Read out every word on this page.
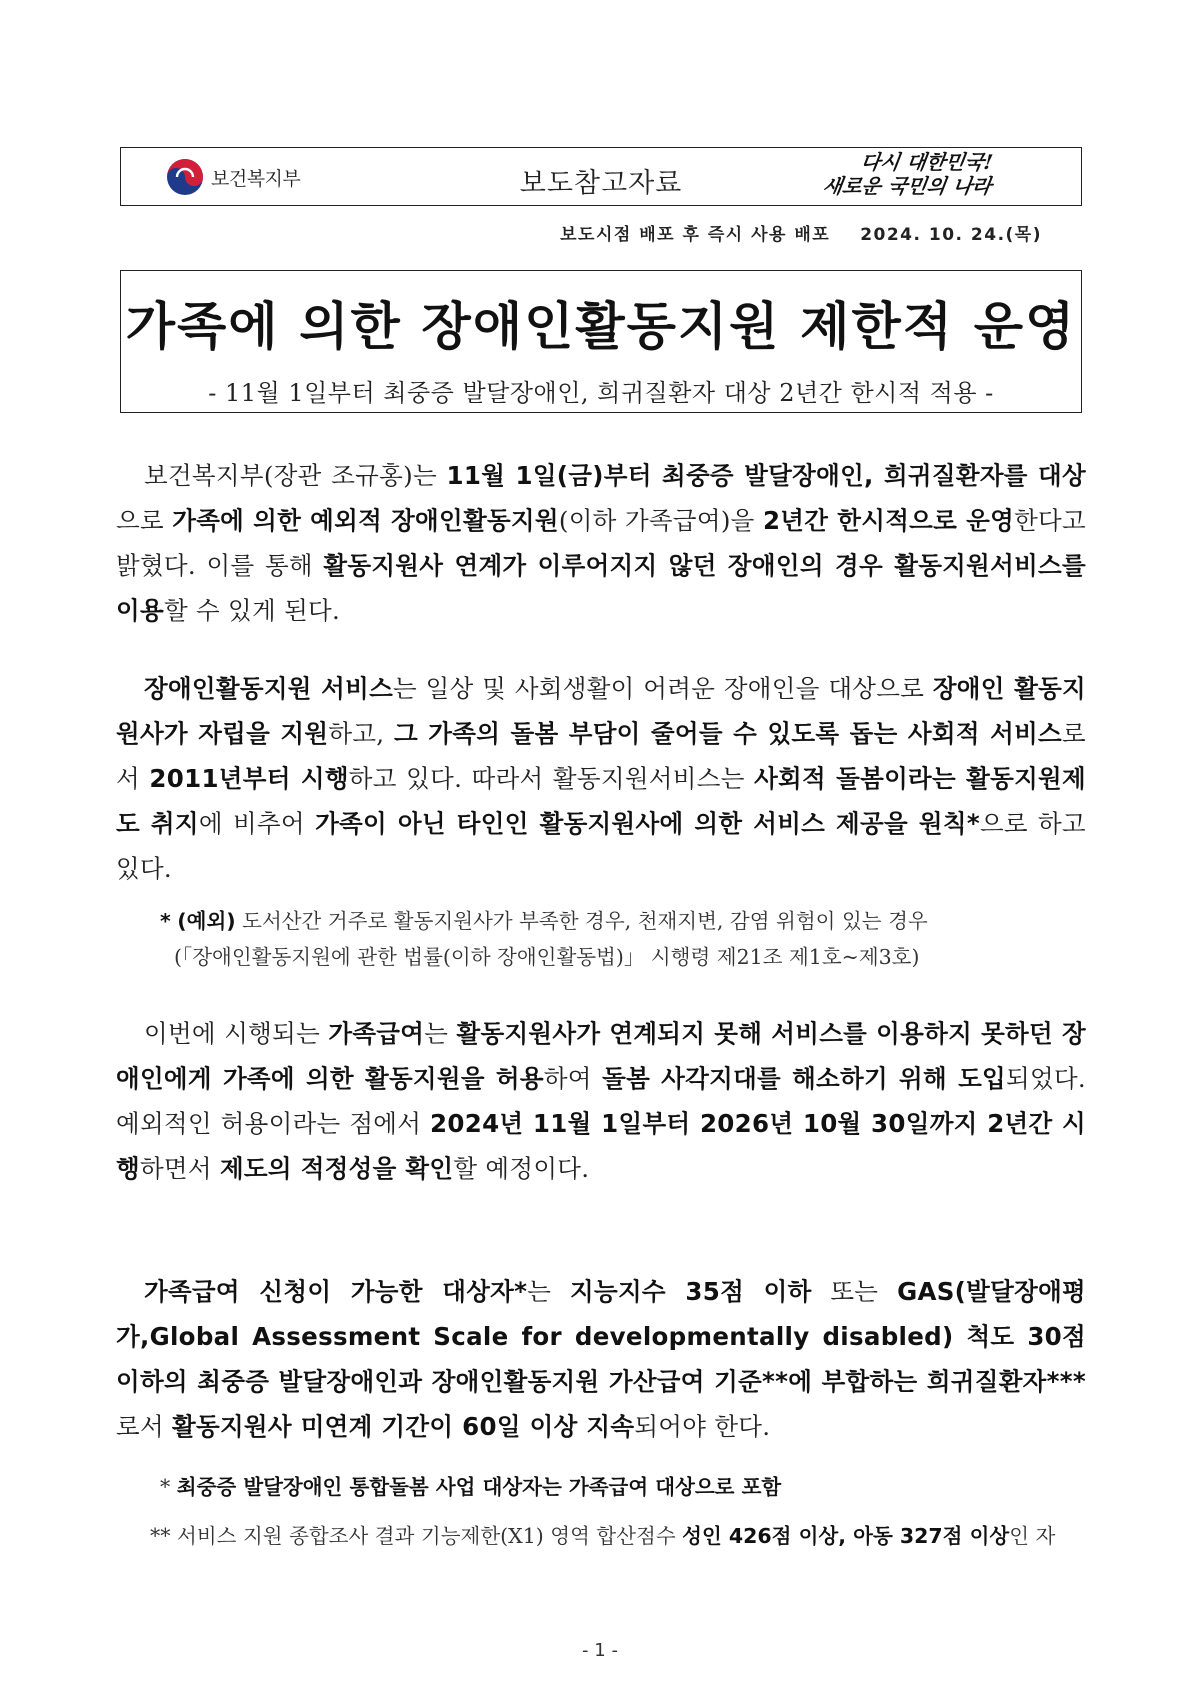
보건복지부	보도참고자료
다시 대한민국!
새로운 국민의 나라
보도시점 배포 후 즉시 사용 배포 2024. 10. 24.(목)
가족에 의한 장애인활동지원 제한적 운영
- 11월 1일부터 최중증 발달장애인, 희귀질환자 대상 2년간 한시적 적용 -
보건복지부(장관 조규홍)는 11월 1일(금)부터 최중증 발달장애인, 희귀질환자를 대상으로 가족에 의한 예외적 장애인활동지원(이하 가족급여)을 2년간 한시적으로 운영한다고 밝혔다. 이를 통해 활동지원사 연계가 이루어지지 않던 장애인의 경우 활동지원서비스를 이용할 수 있게 된다.
장애인활동지원 서비스는 일상 및 사회생활이 어려운 장애인을 대상으로 장애인 활동지원사가 자립을 지원하고, 그 가족의 돌봄 부담이 줄어들 수 있도록 돕는 사회적 서비스로서 2011년부터 시행하고 있다. 따라서 활동지원서비스는 사회적 돌봄이라는 활동지원제도 취지에 비추어 가족이 아닌 타인인 활동지원사에 의한 서비스 제공을 원칙*으로 하고 있다.
* (예외) 도서산간 거주로 활동지원사가 부족한 경우, 천재지변, 감염 위험이 있는 경우
(「장애인활동지원에 관한 법률(이하 장애인활동법)」 시행령 제21조 제1호~제3호)
이번에 시행되는 가족급여는 활동지원사가 연계되지 못해 서비스를 이용하지 못하던 장애인에게 가족에 의한 활동지원을 허용하여 돌봄 사각지대를 해소하기 위해 도입되었다. 예외적인 허용이라는 점에서 2024년 11월 1일부터 2026년 10월 30일까지 2년간 시행하면서 제도의 적정성을 확인할 예정이다.
가족급여 신청이 가능한 대상자*는 지능지수 35점 이하 또는 GAS(발달장애평가,Global Assessment Scale for developmentally disabled) 척도 30점 이하의 최중증 발달장애인과 장애인활동지원 가산급여 기준**에 부합하는 희귀질환자***로서 활동지원사 미연계 기간이 60일 이상 지속되어야 한다.
* 최중증 발달장애인 통합돌봄 사업 대상자는 가족급여 대상으로 포함
** 서비스 지원 종합조사 결과 기능제한(X1) 영역 합산점수 성인 426점 이상, 아동 327점 이상인 자
- 1 -
